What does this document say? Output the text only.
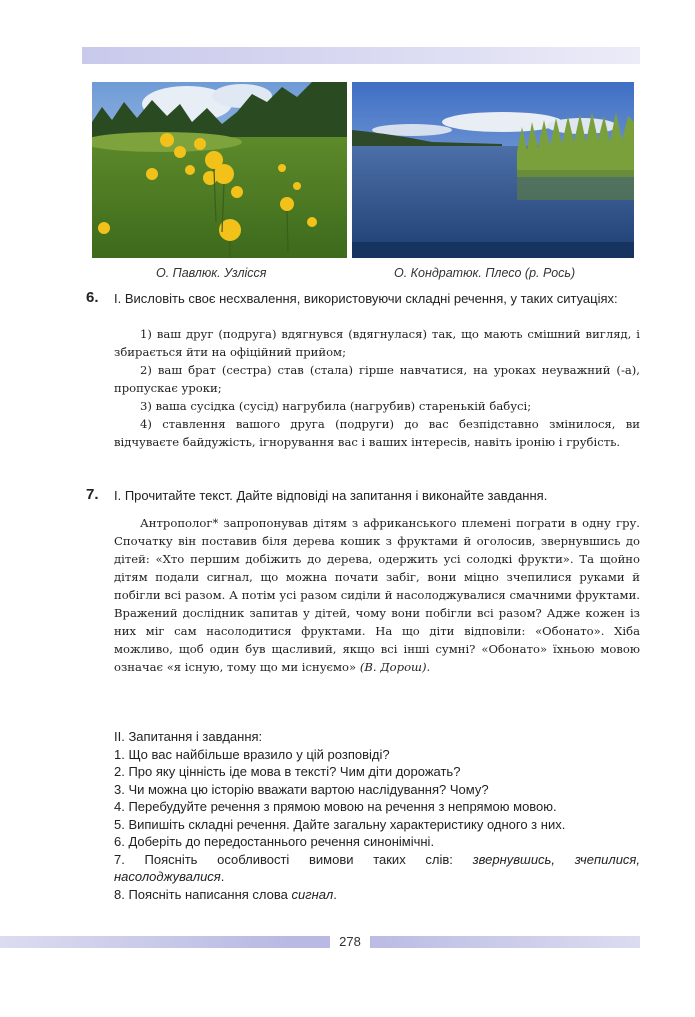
О. Павлюк. Узлісся	О. Кондратюк. Плесо (р. Рось)
6. І. Висловіть своє несхвалення, використовуючи складні речення, у таких ситуаціях:

1) ваш друг (подруга) вдягнувся (вдягнулася) так, що мають смішний вигляд, і збирається йти на офіційний прийом;

2) ваш брат (сестра) став (стала) гірше навчатися, на уроках неуважний (-а), пропускає уроки;

3) ваша сусідка (сусід) нагрубила (нагрубив) старенькій бабусі;

4) ставлення вашого друга (подруги) до вас безпідставно змінилося, ви відчуваєте байдужість, ігнорування вас і ваших інтересів, навіть іронію і грубість.

7. І. Прочитайте текст. Дайте відповіді на запитання і виконайте завдання.

Антрополог* запропонував дітям з африканського племені пограти в одну гру. Спочатку він поставив біля дерева кошик з фруктами й оголосив, звернувшись до дітей: «Хто першим добіжить до дерева, одержить усі солодкі фрукти». Та щойно дітям подали сигнал, що можна почати забіг, вони міцно зчепилися руками й побігли всі разом. А потім усі разом сиділи й насолоджувалися смачними фруктами. Вражений дослідник запитав у дітей, чому вони побігли всі разом? Адже кожен із них міг сам насолодитися фруктами. На що діти відповіли: «Обонато». Хіба можливо, щоб один був щасливий, якщо всі інші сумні? «Обонато» їхньою мовою означає «я існую, тому що ми існуємо» (В. Дорош).

ІІ. Запитання і завдання:

1. Що вас найбільше вразило у цій розповіді?

2. Про яку цінність іде мова в тексті? Чим діти дорожать?

3. Чи можна цю історію вважати вартою наслідування? Чому?

4. Перебудуйте речення з прямою мовою на речення з непрямою мовою.

5. Випишіть складні речення. Дайте загальну характеристику одного з них.

6. Доберіть до передостаннього речення синонімічні.

7. Поясніть особливості вимови таких слів: звернувшись, зчепилися, насолоджувалися.

8. Поясніть написання слова сигнал.

278
